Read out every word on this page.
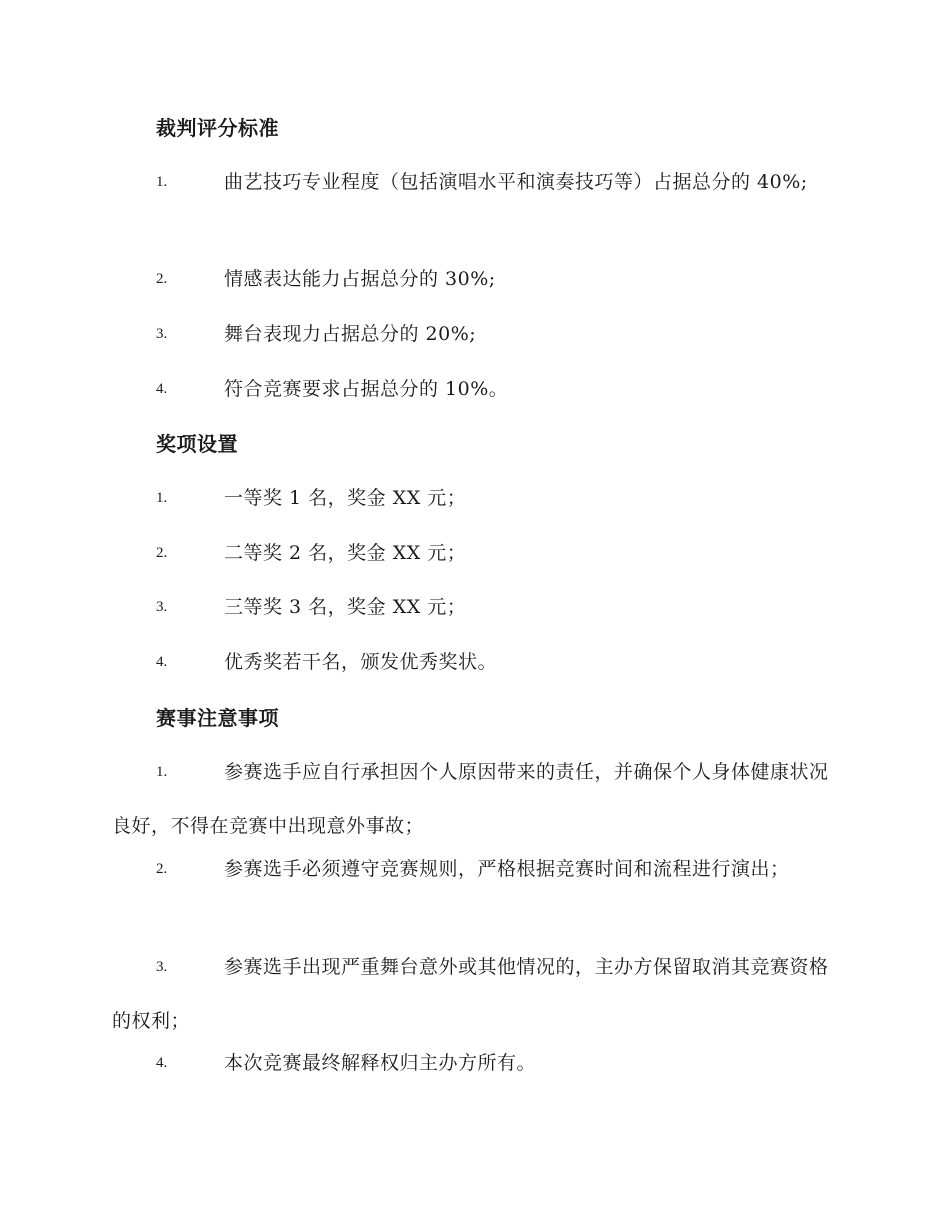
裁判评分标准
1.	曲艺技巧专业程度（包括演唱水平和演奏技巧等）占据总分的 40%;
2.	情感表达能力占据总分的 30%;
3.	舞台表现力占据总分的 20%;
4.	符合竞赛要求占据总分的 10%。
奖项设置
1.	一等奖 1 名，奖金 XX 元；
2.	二等奖 2 名，奖金 XX 元；
3.	三等奖 3 名，奖金 XX 元；
4.	优秀奖若干名，颁发优秀奖状。
赛事注意事项
1.	参赛选手应自行承担因个人原因带来的责任，并确保个人身体健康状况良好，不得在竞赛中出现意外事故；
2.	参赛选手必须遵守竞赛规则，严格根据竞赛时间和流程进行演出；
3.	参赛选手出现严重舞台意外或其他情况的，主办方保留取消其竞赛资格的权利；
4.	本次竞赛最终解释权归主办方所有。
